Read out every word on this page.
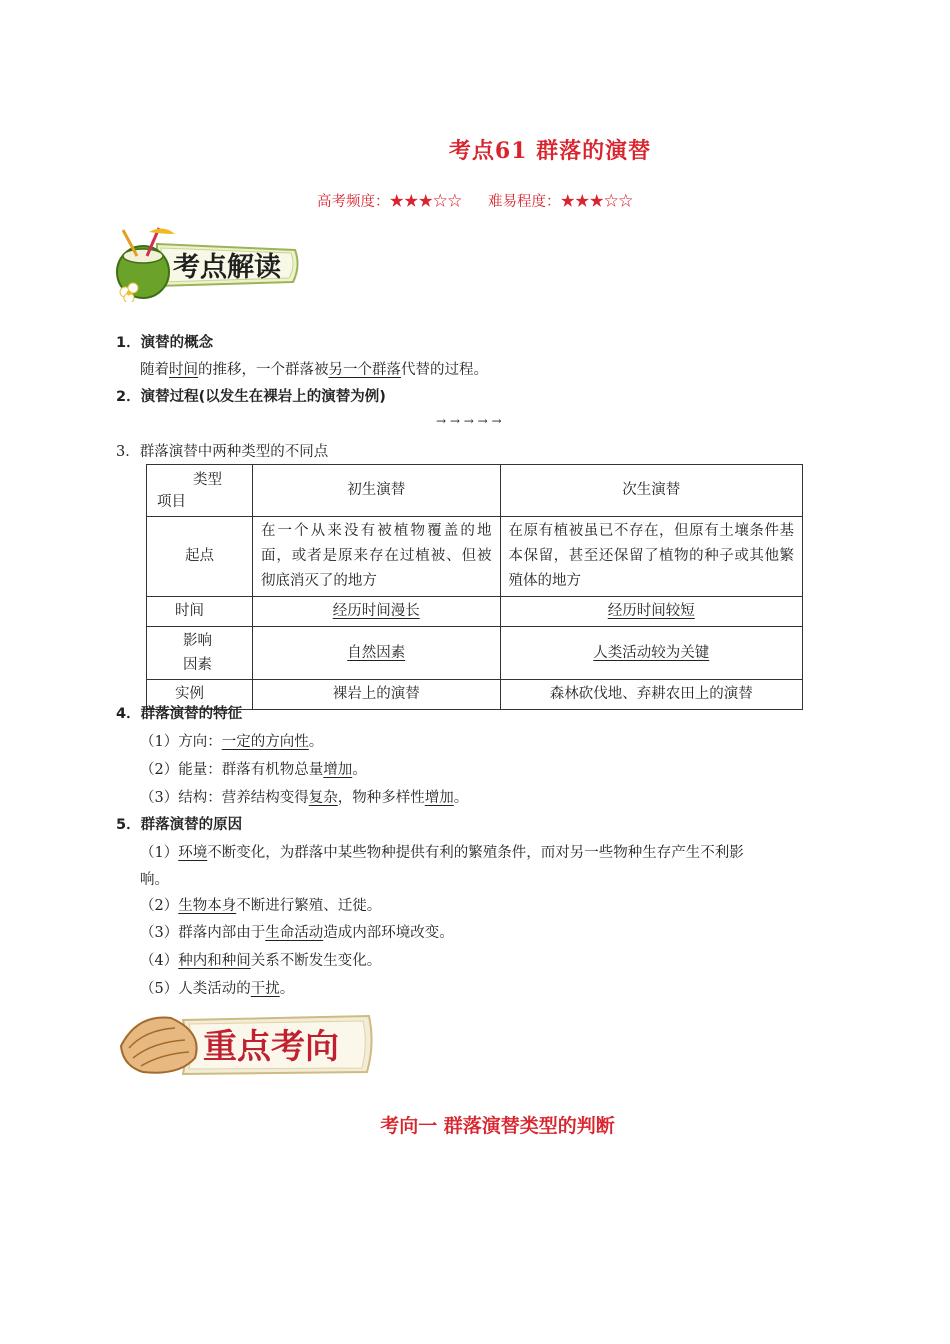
考点61 群落的演替
高考频度：★★★☆☆ 难易程度：★★★☆☆
考点解读
1．演替的概念
随着时间的推移，一个群落被另一个群落代替的过程。
2．演替过程(以发生在裸岩上的演替为例)
→ → → → →
3．群落演替中两种类型的不同点
类型
项目	初生演替	次生演替
起点	在一个从来没有被植物覆盖的地面，或者是原来存在过植被、但被彻底消灭了的地方	在原有植被虽已不存在，但原有土壤条件基本保留，甚至还保留了植物的种子或其他繁殖体的地方
时间	经历时间漫长	经历时间较短
影响因素	自然因素	人类活动较为关键
实例	裸岩上的演替	森林砍伐地、弃耕农田上的演替
4．群落演替的特征
（1）方向：一定的方向性。
（2）能量：群落有机物总量增加。
（3）结构：营养结构变得复杂，物种多样性增加。
5．群落演替的原因
（1）环境不断变化，为群落中某些物种提供有利的繁殖条件，而对另一些物种生存产生不利影
响。
（2）生物本身不断进行繁殖、迁徙。
（3）群落内部由于生命活动造成内部环境改变。
（4）种内和种间关系不断发生变化。
（5）人类活动的干扰。
重点考向
考向一 群落演替类型的判断
